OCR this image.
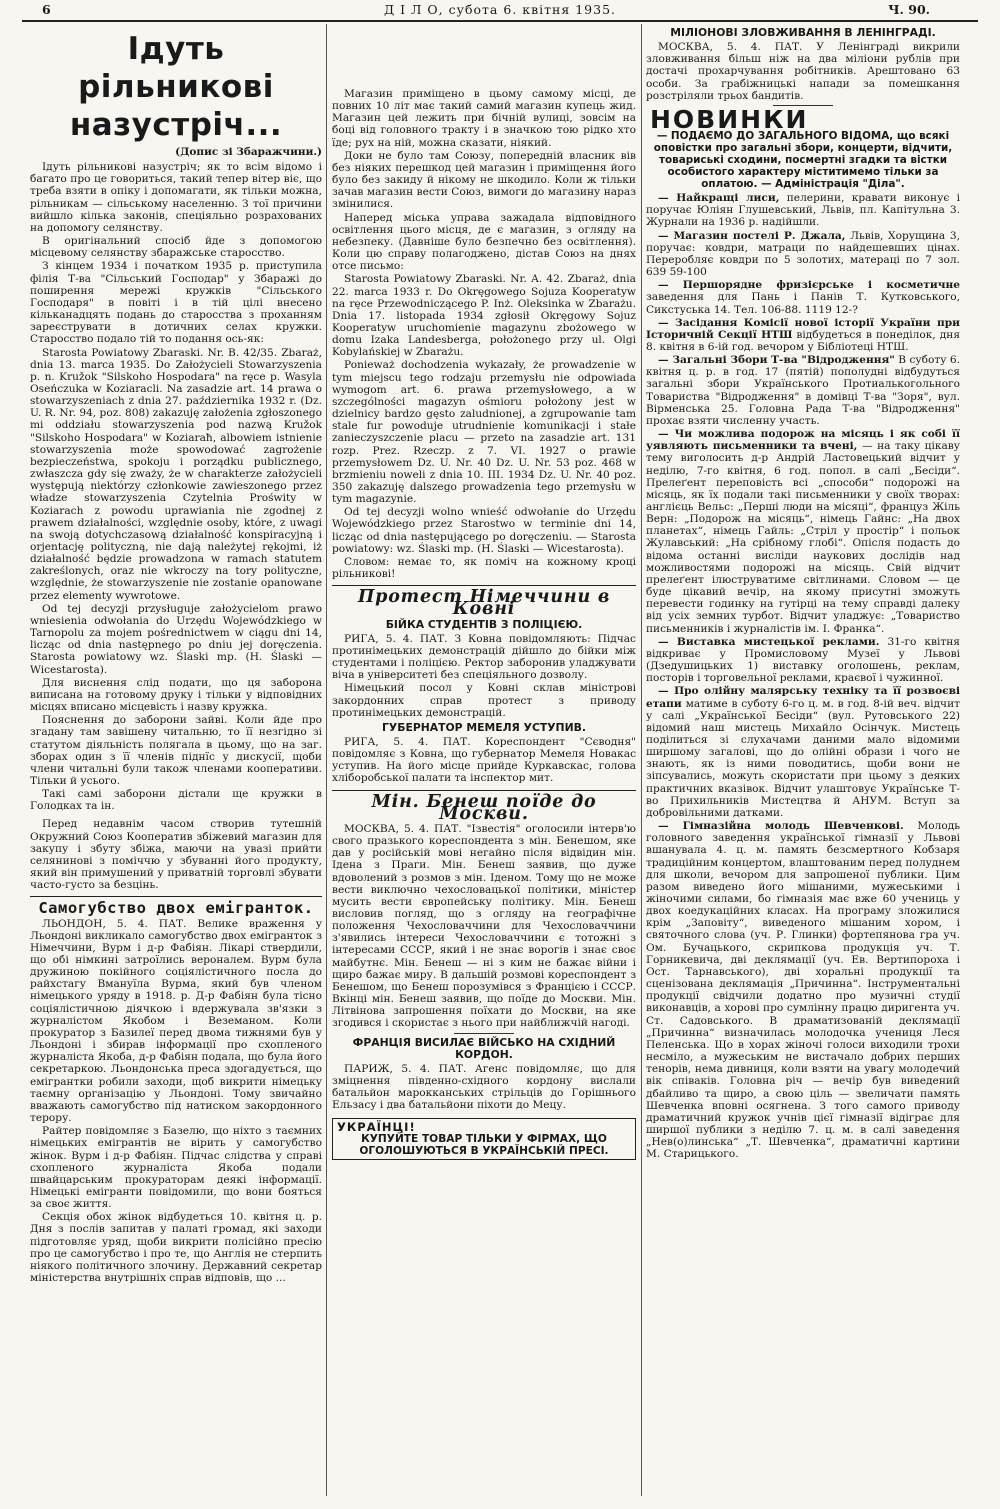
6	Д І Л О, субота 6. квітня 1935.	Ч. 90.
Ідуть рільникові назустріч...
(Допис зі Збаражчини.)

Ідуть рільникові назустріч; як то всім відомо і багато про це говориться, такий тепер вітер віє, що треба взяти в опіку і допомагати, як тільки можна, рільникам — сільському населенню. З тої причини вийшло кілька законів, спеціяльно розрахованих на допомогу селянству.

В оригінальний спосіб йде з допомогою місцевому селянству збаражське старосство.

З кінцем 1934 і початком 1935 р. приступила філія Т-ва "Сільський Господар" у Збаражі до поширення мережі кружків "Сільського Господаря" в повіті і в тій цілі внесено кільканадцять подань до старосства з проханням зареєструвати в дотичних селах кружки. Старосство подало тій то подання ось-як:

Starosta Powiatowy Zbaraski. Nr. B. 42/35. Zbaraż, dnia 13. marca 1935. Do Założycieli Stowarzyszenia p. n. Kružok "Silskoho Hospodara" na ręce p. Wasyla Oseńczuka w Koziaracli. Na zasadzie art. 14 prawa o stowarzyszeniach z dnia 27. października 1932 r. (Dz. U. R. Nr. 94, poz. 808) zakazuję założenia zgłoszonego mi oddziału stowarzyszenia pod nazwą Kružok "Silskoho Hospodara" w Koziaraħ, albowiem istnienie stowarzyszenia może spowodować zagrożenie bezpieczeństwa, spokoju i porządku publicznego, zwłaszcza gdy się zważy, że w charakterze założycieli występują niektórzy członkowie zawieszonego przez władze stowarzyszenia Czytelnia Proświty w Koziarach z powodu uprawiania nie zgodnej z prawem działalności, względnie osoby, które, z uwagi na swoją dotychczasową działalność konspiracyjną i orjentację polityczną, nie dają należytej rękojmi, iż działalność będzie prowadzona w ramach statutem zakreślonych, oraz nie wkroczy na tory polityczne, względnie, że stowarzyszenie nie zostanie opanowane przez elementy wywrotowe.

Od tej decyzji przysługuje założycielom prawo wniesienia odwołania do Urzędu Wojewódzkiego w Tarnopolu za mojem pośrednictwem w ciągu dni 14, licząc od dnia następnego po dniu jej doręczenia. Starosta powiatowy wz. Ślaski mp. (H. Ślaski — Wicestarosta).

Для виснення слід подати, що ця заборона виписана на готовому друку і тільки у відповідних місцях вписано місцевість і назву кружка.

Пояснення до заборони зайві. Коли йде про згадану там завішену читальню, то її незгідно зі статутом діяльність полягала в цьому, що на заг. зборах один з її членів піднїс у дискусії, щоби члени читальні були також членами кооперативи. Тільки й усього.

Такі самі заборони дістали ще кружки в Голодках та ін.

Перед недавнім часом створив тутешній Окружний Союз Кооператив збіжевий магазин для закупу і збуту збіжа, маючи на увазі прийти селянинові з поміччю у збуванні його продукту, який він примушений у приватній торговлі збувати часто-густо за безцінь.

Самогубство двох емігранток.

ЛЬОНДОН, 5. 4. ПАТ. Велике враження у Льондоні викликало самогубство двох емігранток з Німеччини, Вурм і д-р Фабіян. Лікарі ствердили, що обі німкині затроїлись вероналем. Вурм була дружиною покійного соціялістичного посла до райхстагу Вмануїла Вурма, який був членом німецького уряду в 1918. р. Д-р Фабіян була тісно соціялістичною діячкою і вдержувала зв'язки з журналістом Якобом і Веземаном. Коли прокуратор з Базилеї перед двома тижнями був у Льондоні і збирав інформації про схопленого журналіста Якоба, д-р Фабіян подала, що була його секретаркою. Льондонська преса здогадується, що емігрантки робили заходи, щоб викрити німецьку таємну організацію у Льондоні. Тому звичайно вважають самогубство під натиском закордонного терору.

Райтер повідомляє з Базелю, що ніхто з таємних німецьких емігрантів не вірить у самогубство жінок. Вурм і д-р Фабіян. Підчас слідства у справі схопленого журналіста Якоба подали швайцарським прокураторам деякі інформації. Німецькі емігранти повідомили, що вони бояться за своє життя.

Секція обох жінок відбудеться 10. квітня ц. р. Дня з послів запитав у палаті громад, які заходи підготовляє уряд, щоби викрити полісійно пресію про це самогубство і про те, що Англія не стерпить ніякого політичного злочину. Державний секретар міністерства внутрішніх справ відповів, що ...

Магазин приміщено в цьому самому місці, де повних 10 літ має такий самий магазин купець жид. Магазин цей лежить при бічній вулиці, зовсім на боці від головного тракту і в значкою тою рідко хто їде; рух на ній, можна сказати, ніякий.

Доки не було там Союзу, попередній власник вів без ніяких перешкод цей магазин і приміщення його було без закиду й нікому не шкодило. Коли ж тільки зачав магазин вести Союз, вимоги до магазину нараз змінилися.

Наперед міська управа зажадала відповідного освітлення цього місця, де є магазин, з огляду на небезпеку. (Давніше було безпечно без освітлення). Коли цю справу полагоджено, дістав Союз на днях отсе письмо:

Starosta Powiatowy Zbaraski. Nr. A. 42. Zbaraż, dnia 22. marca 1933 r. Do Okręgowego Sojuza Kooperatyw na ręce Przewodniczącego P. Inż. Oleksinka w Zbarażu. Dnia 17. listopada 1934 zgłosił Okręgowy Sojuz Kooperatyw uruchomienie magazynu zbożowego w domu Izaka Landesberga, położonego przy ul. Olgi Kobylańskiej w Zbarażu.

Ponieważ dochodzenia wykazały, że prowadzenie w tym miejscu tego rodzaju przemysłu nie odpowiada wymogom art. 6. prawa przemysłowego, a w szczególności magazyn ośmioru położony jest w dzielnicy bardzo gęsto zaludnionej, a zgrupowanie tam stale fur powoduje utrudnienie komunikacji i stałe zanieczyszczenie placu — przeto na zasadzie art. 131 rozp. Prez. Rzeczp. z 7. VI. 1927 o prawie przemysłowem Dz. U. Nr. 40 Dz. U. Nr. 53 poz. 468 w brzmieniu noweli z dnia 10. III. 1934 Dz. U. Nr. 40 poz. 350 zakazuję dalszego prowadzenia tego przemysłu w tym magazynie.

Od tej decyzji wolno wnieść odwołanie do Urzędu Wojewódzkiego przez Starostwo w terminie dni 14, licząc od dnia następującego po doręczeniu. — Starosta powiatowy: wz. Ślaski mp. (H. Ślaski — Wicestarosta).

Словом: немає то, як поміч на кожному кроці рільникові!

Протест Німеччини в Ковні
БІЙКА СТУДЕНТІВ З ПОЛІЦІЄЮ.

РИГА, 5. 4. ПАТ. З Ковна повідомляють: Підчас протинімецьких демонстрацій дійшло до бійки між студентами і поліцією. Ректор заборонив уладжувати віча в університеті без спеціяльного дозволу.

Німецький посол у Ковні склав міністрові закордонних справ протест з приводу протинімецьких демонстрацій.

ГУБЕРНАТОР МЕМЕЛЯ УСТУПИВ.

РИГА, 5. 4. ПАТ. Кореспондент "Сєводня" повідомляє з Ковна, що губернатор Мемеля Новакас уступив. На його місце прийде Куркавскас, голова хліборобської палати та інспектор мит.

Мін. Бенеш поїде до Москви.

МОСКВА, 5. 4. ПАТ. "Ізвестія" оголосили інтерв'ю свого празького кореспондента з мін. Бенешом, яке дав у російській мові негайно після відвідин мін. Ідена з Праги. Мін. Бенеш заявив, що дуже вдоволений з розмов з мін. Іденом. Тому що не може вести виключно чехословацької політики, міністер мусить вести європейську політику. Мін. Бенеш висловив погляд, що з огляду на географічне положення Чехословаччини для Чехословаччини з'явились інтереси Чехословаччини є тотожні з інтересами СССР, який і не знає ворогів і знає своє майбутнє. Мін. Бенеш — ні з ким не бажає війни і щиро бажає миру. В дальшій розмові кореспондент з Бенешом, що Бенеш порозумівся з Францією і СССР. Вкінці мін. Бенеш заявив, що поїде до Москви. Мін. Літвінова запрошення поїхати до Москви, на яке згодився і скористає з нього при найближчій нагоді.

ФРАНЦІЯ ВИСИЛАЄ ВІЙСЬКО НА СХІДНИЙ КОРДОН.

ПАРИЖ, 5. 4. ПАТ. Агенс повідомляє, що для зміцнення південно-східного кордону вислали батальйон марокканських стрільців до Горішнього Ельзасу і два батальйони піхоти до Мецу.

УКРАЇНЦІ!
КУПУЙТЕ ТОВАР ТІЛЬКИ У ФІРМАХ, ЩО ОГОЛОШУЮТЬСЯ В УКРАЇНСЬКІЙ ПРЕСІ.
МІЛІОНОВІ ЗЛОВЖИВАННЯ В ЛЕНІНГРАДІ.

МОСКВА, 5. 4. ПАТ. У Ленінграді викрили зловживання більш ніж на два міліони рублів при достачі прохарчування робітників. Арештовано 63 особи. За грабіжницькі напади за помешкання розстріляли трьох бандитів.

НОВИНКИ
— ПОДАЄМО ДО ЗАГАЛЬНОГО ВІДОМА, що всякі оповістки про загальні збори, концерти, відчити, товариські сходини, посмертні згадки та вістки особистого характеру міститимемо тільки за оплатою. — Адміністрація "Діла".

— Найкращі лиси, пелерини, кравати виконує і поручає Юліян Глушевський, Львів, пл. Капітульна 3. Журнали на 1936 р. надійшли.

— Магазин постелі Р. Джала, Львів, Хорущина 3, поручає: ковдри, матраци по найдешевших цінах. Переробляє ковдри по 5 золотих, матераці по 7 зол. 639 59-100

— Першорядне фризієрське і косметичне заведення для Пань і Панів Т. Кутковського, Сикстуська 14. Тел. 106-88. 1119 12-?

— Засідання Комісії нової історії України при Історичній Секції НТШ відбудеться в понеділок, дня 8. квітня в 6-ій год. вечором у Бібліотеці НТШ.

— Загальні Збори Т-ва "Відродження" В суботу 6. квітня ц. р. в год. 17 (пятій) пополудні відбудуться загальні збори Українського Протиалькогольного Товариства "Відродження" в домівці Т-ва "Зоря", вул. Вірменська 25. Головна Рада Т-ва "Відродження" прохає взяти численну участь.

— Чи можлива подорож на місяць і як собі її уявляють письменники та вчені, — на таку цікаву тему виголосить д-р Андрій Ластовецький відчит у неділю, 7-го квітня, 6 год. попол. в салі „Бесіди“. Прелеґент переповість всі „способи“ подорожі на місяць, як їх подали такі письменники у своїх творах: англієць Вельс: „Перші люди на місяці“, француз Жіль Верн: „Подорож на місяць“, німець Гайнс: „На двох планетах“, німець Гайль: „Стріл у простір“ і польок Жулавський: „На срібному глобі“. Опісля подасть до відома останні висліди наукових дослідів над можливостями подорожі на місяць. Свій відчит прелеґент ілюструватиме світлинами. Словом — це буде цікавий вечір, на якому присутні зможуть перевести годинку на гутірці на тему справді далеку від усіх земних турбот. Відчит уладжує: „Товариство письменників і журналістів ім. І. Франка“.

— Виставка мистецької реклами. 31-го квітня відкриває у Промисловому Музеї у Львові (Дзедушицьких 1) виставку оголошень, реклам, посторів і торговельної реклами, краєвої і чужинної.

— Про олійну малярську техніку та її розвоєві етапи матиме в суботу 6-го ц. м. в год. 8-ій веч. відчит у салі „Української Бесіди“ (вул. Рутовського 22) відомий наш мистець Михайло Осінчук. Мистець поділиться зі слухачами даними мало відомими ширшому загалові, що до олійні образи і чого не знають, як із ними поводитись, щоби вони не зіпсувались, можуть скористати при цьому з деяких практичних вказівок. Відчит улаштовує Українське Т-во Прихильників Мистецтва й АНУМ. Вступ за добровільними датками.

— Гімназійна молодь Шевченкові. Молодь головного заведення української гімназії у Львові вшанувала 4. ц. м. память безсмертного Кобзаря традиційним концертом, влаштованим перед полуднем для школи, вечором для запрошеної публики. Цим разом виведено його мішаними, мужеськими і жіночими силами, бо гімназія має вже 60 учениць у двох коедукаційних класах. На програму зложилися крім „Заповіту“, виведеного мішаним хором, і святочного слова (уч. Р. Глинки) фортепянова гра уч. Ом. Бучацького, скрипкова продукція уч. Т. Горникевича, дві деклямації (уч. Ев. Вертипороха і Ост. Тарнавського), дві хоральні продукції та сценізована деклямація „Причинна“. Інструментальні продукції свідчили додатно про музичні студії виконавців, а хорові про сумлінну працю диригента уч. Ст. Садовського. В драматизованій деклямації „Причинна“ визначилась молодочка учениця Леся Пеленська. Що в хорах жіночі голоси виходили трохи несміло, а мужеським не вистачало добрих перших тенорів, нема дивниця, коли взяти на увагу молодечий вік співаків. Головна річ — вечір був виведений дбайливо та щиро, а свою ціль — звеличати память Шевченка вповні осягнена. З того самого приводу драматичний кружок учнів цієї гімназії відіграє для ширшої публики з неділю 7. ц. м. в салі заведення „Нев(о)линська“ „Т. Шевченка“, драматичні картини М. Старицького.
